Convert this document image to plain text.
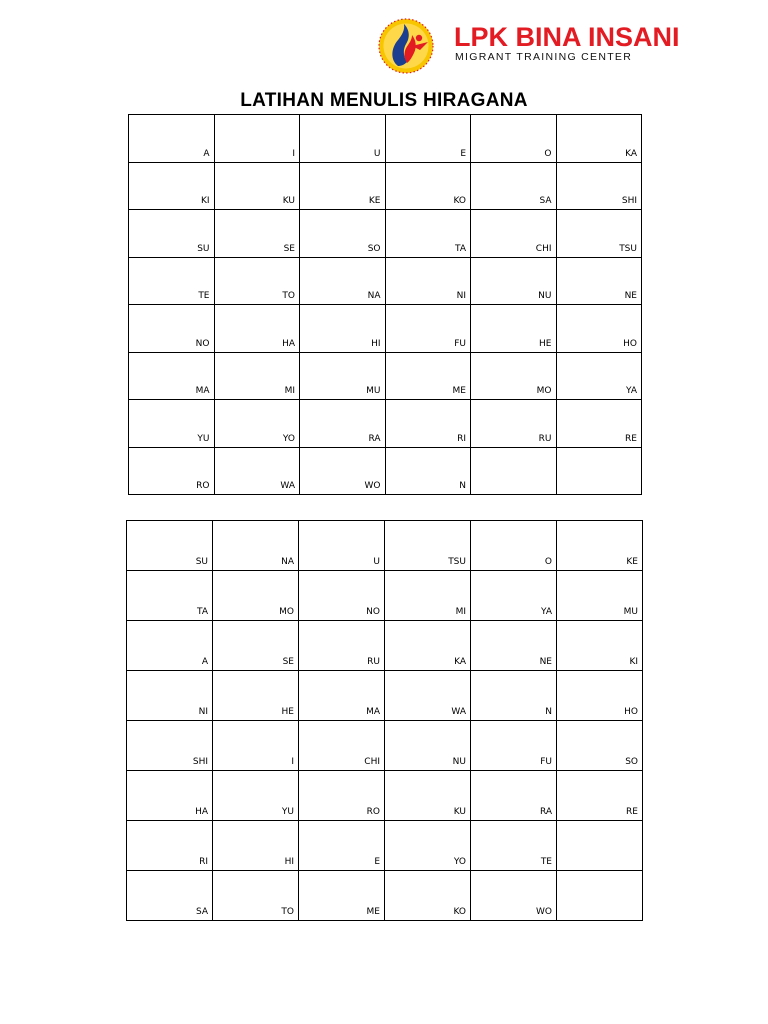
LPK BINA INSANI
MIGRANT TRAINING CENTER
LATIHAN MENULIS HIRAGANA
A	I	U	E	O	KA
KI	KU	KE	KO	SA	SHI
SU	SE	SO	TA	CHI	TSU
TE	TO	NA	NI	NU	NE
NO	HA	HI	FU	HE	HO
MA	MI	MU	ME	MO	YA
YU	YO	RA	RI	RU	RE
RO	WA	WO	N		
SU	NA	U	TSU	O	KE
TA	MO	NO	MI	YA	MU
A	SE	RU	KA	NE	KI
NI	HE	MA	WA	N	HO
SHI	I	CHI	NU	FU	SO
HA	YU	RO	KU	RA	RE
RI	HI	E	YO	TE	
SA	TO	ME	KO	WO	
